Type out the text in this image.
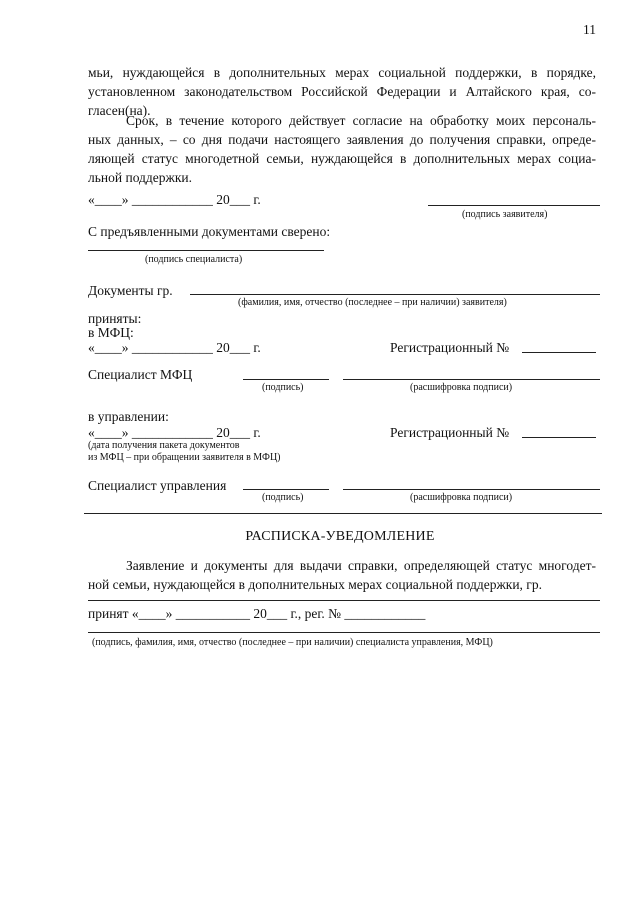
11
мьи, нуждающейся в дополнительных мерах социальной поддержки, в порядке,
установленном законодательством Российской Федерации и Алтайского края, со-
гласен(на).
Срок, в течение которого действует согласие на обработку моих персональ-
ных данных, – со дня подачи настоящего заявления до получения справки, опреде-
ляющей статус многодетной семьи, нуждающейся в дополнительных мерах социа-
льной поддержки.
«____» ____________ 20___ г.
(подпись заявителя)
С предъявленными документами сверено:
(подпись специалиста)
Документы гр.
(фамилия, имя, отчество (последнее – при наличии) заявителя)
приняты:
в МФЦ:
«____» ____________ 20___ г.	Регистрационный №
Специалист МФЦ
(подпись)	(расшифровка подписи)
в управлении:
«____» ____________ 20___ г.	Регистрационный №
(дата получения пакета документов
из МФЦ – при обращении заявителя в МФЦ)
Специалист управления
(подпись)	(расшифровка подписи)
РАСПИСКА-УВЕДОМЛЕНИЕ
Заявление и документы для выдачи справки, определяющей статус многодет-
ной семьи, нуждающейся в дополнительных мерах социальной поддержки, гр.
принят «____» ___________ 20___ г., рег. № ____________
(подпись, фамилия, имя, отчество (последнее – при наличии) специалиста управления, МФЦ)
